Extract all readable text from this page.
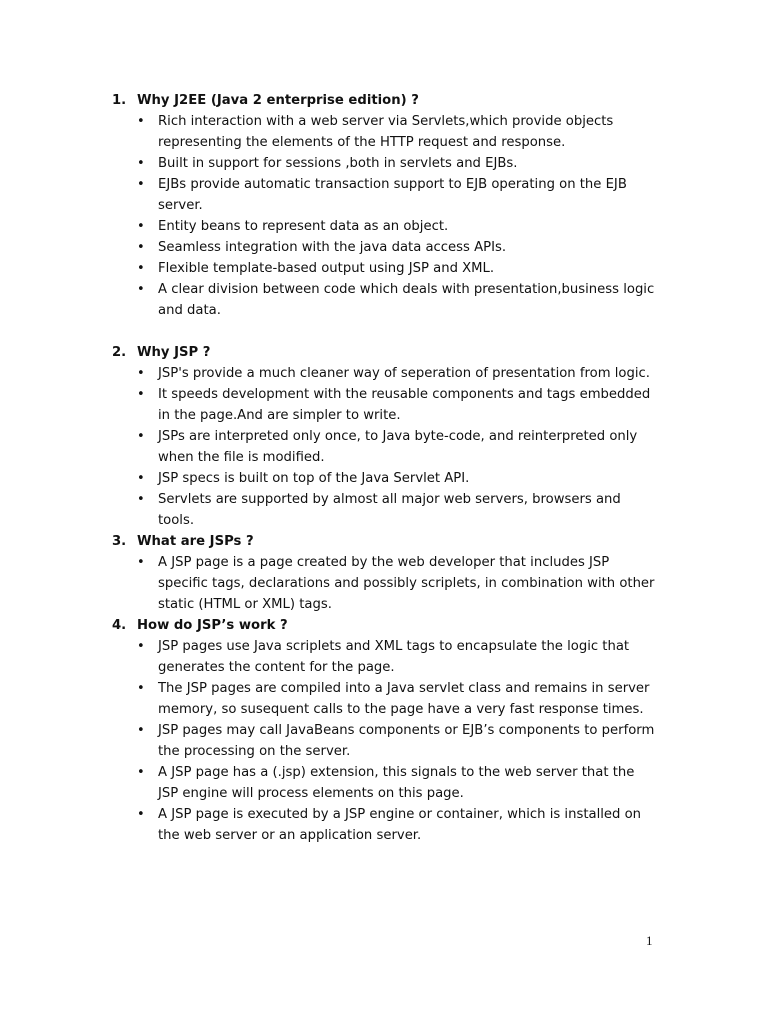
1. Why J2EE (Java 2 enterprise edition) ?
•	Rich interaction with a web server via Servlets,which provide objects representing the elements of the HTTP request and response.
•	Built in support for sessions ,both in servlets and EJBs.
•	EJBs provide automatic transaction support to EJB operating on the EJB server.
•	Entity beans to represent data as an object.
•	Seamless integration with the java data access APIs.
•	Flexible template-based output using JSP and XML.
•	A clear division between code which deals with presentation,business logic and data.
2. Why JSP ?
•	JSP's provide a much cleaner way of seperation of presentation from logic.
•	It speeds development with the reusable components and tags embedded in the page.And are simpler to write.
•	JSPs are interpreted only once, to Java byte-code, and reinterpreted only when the file is modified.
•	JSP specs is built on top of the Java Servlet API.
•	Servlets are supported by almost all major web servers, browsers and tools.
3. What are JSPs ?
•	A JSP page is a page created by the web developer that includes JSP specific tags, declarations and possibly scriplets, in combination with other static (HTML or XML) tags.
4. How do JSP’s work ?
•	JSP pages use Java scriplets and XML tags to encapsulate the logic that generates the content for the page.
•	The JSP pages are compiled into a Java servlet class and remains in server memory, so susequent calls to the page have a very fast response times.
•	JSP pages may call JavaBeans components or EJB’s components to perform the processing on the server.
•	A JSP page has a (.jsp) extension, this signals to the web server that the JSP engine will process elements on this page.
•	A JSP page is executed by a JSP engine or container, which is installed on the web server or an application server.
1
